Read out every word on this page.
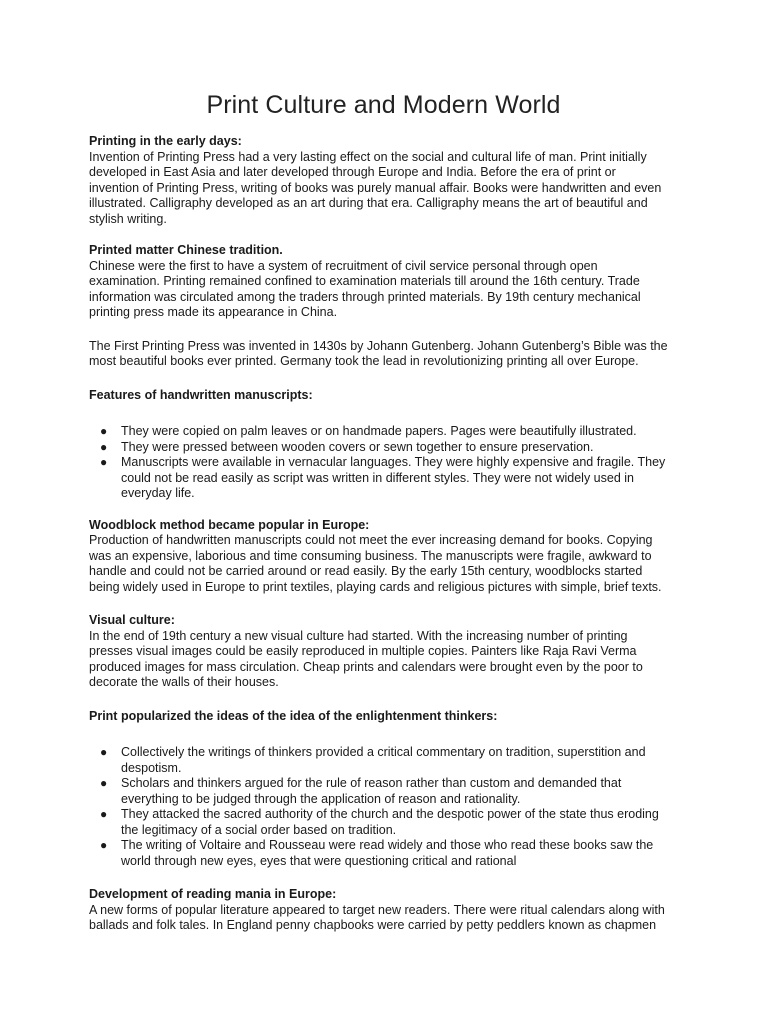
Print Culture and Modern World

Printing in the early days:

Invention of Printing Press had a very lasting effect on the social and cultural life of man. Print initially developed in East Asia and later developed through Europe and India. Before the era of print or invention of Printing Press, writing of books was purely manual affair. Books were handwritten and even illustrated. Calligraphy developed as an art during that era. Calligraphy means the art of beautiful and stylish writing.

Printed matter Chinese tradition.

Chinese were the first to have a system of recruitment of civil service personal through open examination. Printing remained confined to examination materials till around the 16th century. Trade information was circulated among the traders through printed materials. By 19th century mechanical printing press made its appearance in China.

The First Printing Press was invented in 1430s by Johann Gutenberg. Johann Gutenberg’s Bible was the most beautiful books ever printed. Germany took the lead in revolutionizing printing all over Europe.

Features of handwritten manuscripts:

● They were copied on palm leaves or on handmade papers. Pages were beautifully illustrated.
● They were pressed between wooden covers or sewn together to ensure preservation.
● Manuscripts were available in vernacular languages. They were highly expensive and fragile. They could not be read easily as script was written in different styles. They were not widely used in everyday life.

Woodblock method became popular in Europe:

Production of handwritten manuscripts could not meet the ever increasing demand for books. Copying was an expensive, laborious and time consuming business. The manuscripts were fragile, awkward to handle and could not be carried around or read easily. By the early 15th century, woodblocks started being widely used in Europe to print textiles, playing cards and religious pictures with simple, brief texts.

Visual culture:

In the end of 19th century a new visual culture had started. With the increasing number of printing presses visual images could be easily reproduced in multiple copies. Painters like Raja Ravi Verma produced images for mass circulation. Cheap prints and calendars were brought even by the poor to decorate the walls of their houses.

Print popularized the ideas of the idea of the enlightenment thinkers:

● Collectively the writings of thinkers provided a critical commentary on tradition, superstition and despotism.
● Scholars and thinkers argued for the rule of reason rather than custom and demanded that everything to be judged through the application of reason and rationality.
● They attacked the sacred authority of the church and the despotic power of the state thus eroding the legitimacy of a social order based on tradition.
● The writing of Voltaire and Rousseau were read widely and those who read these books saw the world through new eyes, eyes that were questioning critical and rational

Development of reading mania in Europe:

A new forms of popular literature appeared to target new readers. There were ritual calendars along with ballads and folk tales. In England penny chapbooks were carried by petty peddlers known as chapmen
